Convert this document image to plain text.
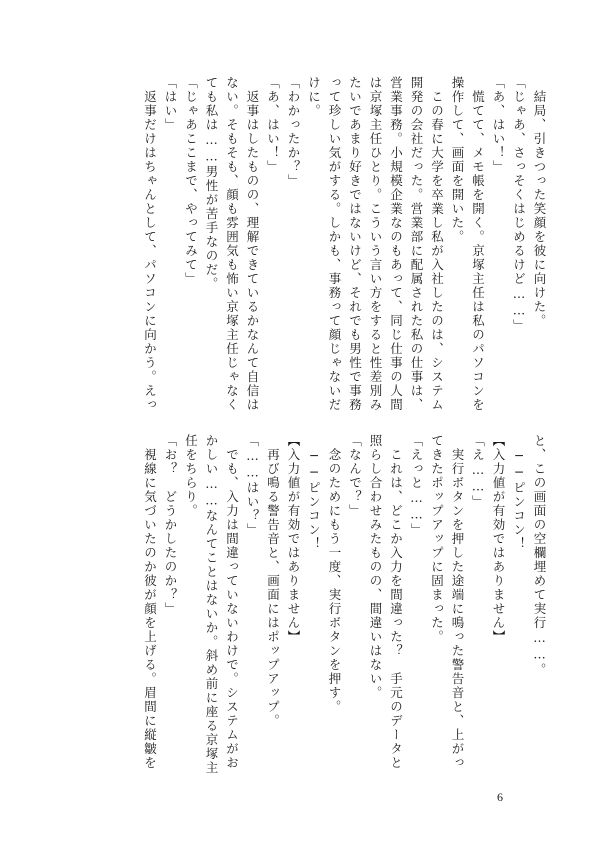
　結局、引きつった笑顔を彼に向けた。
「じゃあ、さっそくはじめるけど……」
「あ、はい！」
　慌てて、メモ帳を開く。京塚主任は私のパソコンを
操作して、画面を開いた。
　この春に大学を卒業し私が入社したのは、システム
開発の会社だった。営業部に配属された私の仕事は、
営業事務。小規模企業なのもあって、同じ仕事の人間
は京塚主任ひとり。こういう言い方をすると性差別み
たいであまり好きではないけど、それでも男性で事務
って珍しい気がする。しかも、事務って顔じゃないだ
けに。
「わかったか？」
「あ、はい！」
　返事はしたものの、理解できているかなんて自信は
ない。そもそも、顔も雰囲気も怖い京塚主任じゃなく
ても私は……男性が苦手なのだ。
「じゃあここまで、やってみて」
「はい」
　返事だけはちゃんとして、パソコンに向かう。えっ
と、この画面の空欄埋めて実行……。
　──ピンコン！
【入力値が有効ではありません】
「え……」
　実行ボタンを押した途端に鳴った警告音と、上がっ
てきたポップアップに固まった。
「えっと……」
　これは、どこか入力を間違った？　手元のデータと
照らし合わせみたものの、間違いはない。
「なんで？」
　念のためにもう一度、実行ボタンを押す。
　──ピンコン！
【入力値が有効ではありません】
　再び鳴る警告音と、画面にはポップアップ。
「……はい？」
　でも、入力は間違っていないわけで。システムがお
かしい……なんてことはないか。斜め前に座る京塚主
任をちらり。
「お？　どうかしたのか？」
　視線に気づいたのか彼が顔を上げる。眉間に縦皺を
6
